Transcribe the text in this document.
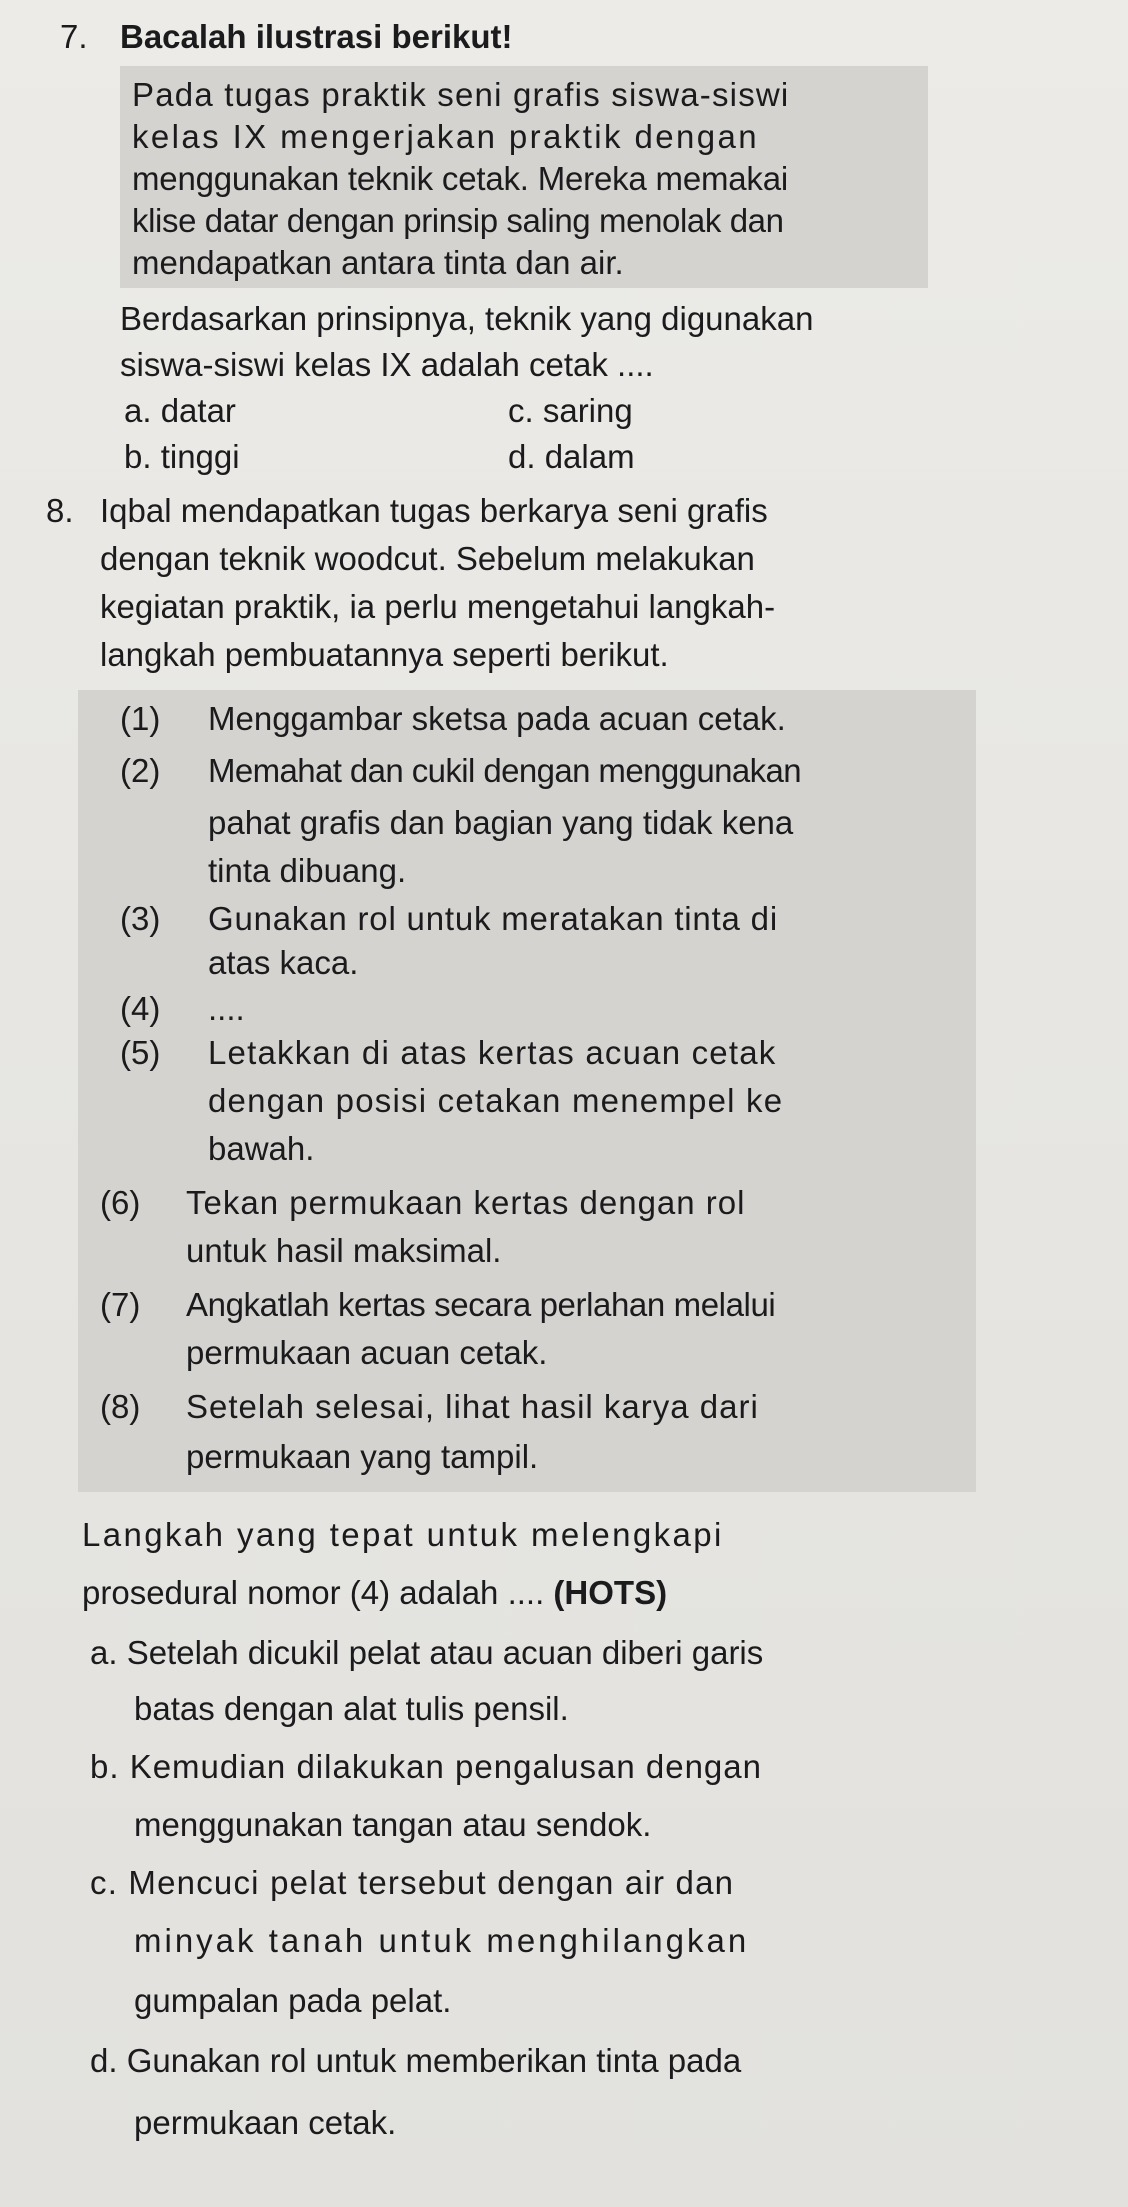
7. Bacalah ilustrasi berikut!
Pada tugas praktik seni grafis siswa-siswi
kelas IX mengerjakan praktik dengan
menggunakan teknik cetak. Mereka memakai
klise datar dengan prinsip saling menolak dan
mendapatkan antara tinta dan air.
Berdasarkan prinsipnya, teknik yang digunakan
siswa-siswi kelas IX adalah cetak ....
a. datar	c. saring
b. tinggi	d. dalam
8. Iqbal mendapatkan tugas berkarya seni grafis
dengan teknik woodcut. Sebelum melakukan
kegiatan praktik, ia perlu mengetahui langkah-
langkah pembuatannya seperti berikut.
(1) Menggambar sketsa pada acuan cetak.
(2) Memahat dan cukil dengan menggunakan
pahat grafis dan bagian yang tidak kena
tinta dibuang.
(3) Gunakan rol untuk meratakan tinta di
atas kaca.
(4) ....
(5) Letakkan di atas kertas acuan cetak
dengan posisi cetakan menempel ke
bawah.
(6) Tekan permukaan kertas dengan rol
untuk hasil maksimal.
(7) Angkatlah kertas secara perlahan melalui
permukaan acuan cetak.
(8) Setelah selesai, lihat hasil karya dari
permukaan yang tampil.
Langkah yang tepat untuk melengkapi
prosedural nomor (4) adalah .... (HOTS)
a. Setelah dicukil pelat atau acuan diberi garis
batas dengan alat tulis pensil.
b. Kemudian dilakukan pengalusan dengan
menggunakan tangan atau sendok.
c. Mencuci pelat tersebut dengan air dan
minyak tanah untuk menghilangkan
gumpalan pada pelat.
d. Gunakan rol untuk memberikan tinta pada
permukaan cetak.
